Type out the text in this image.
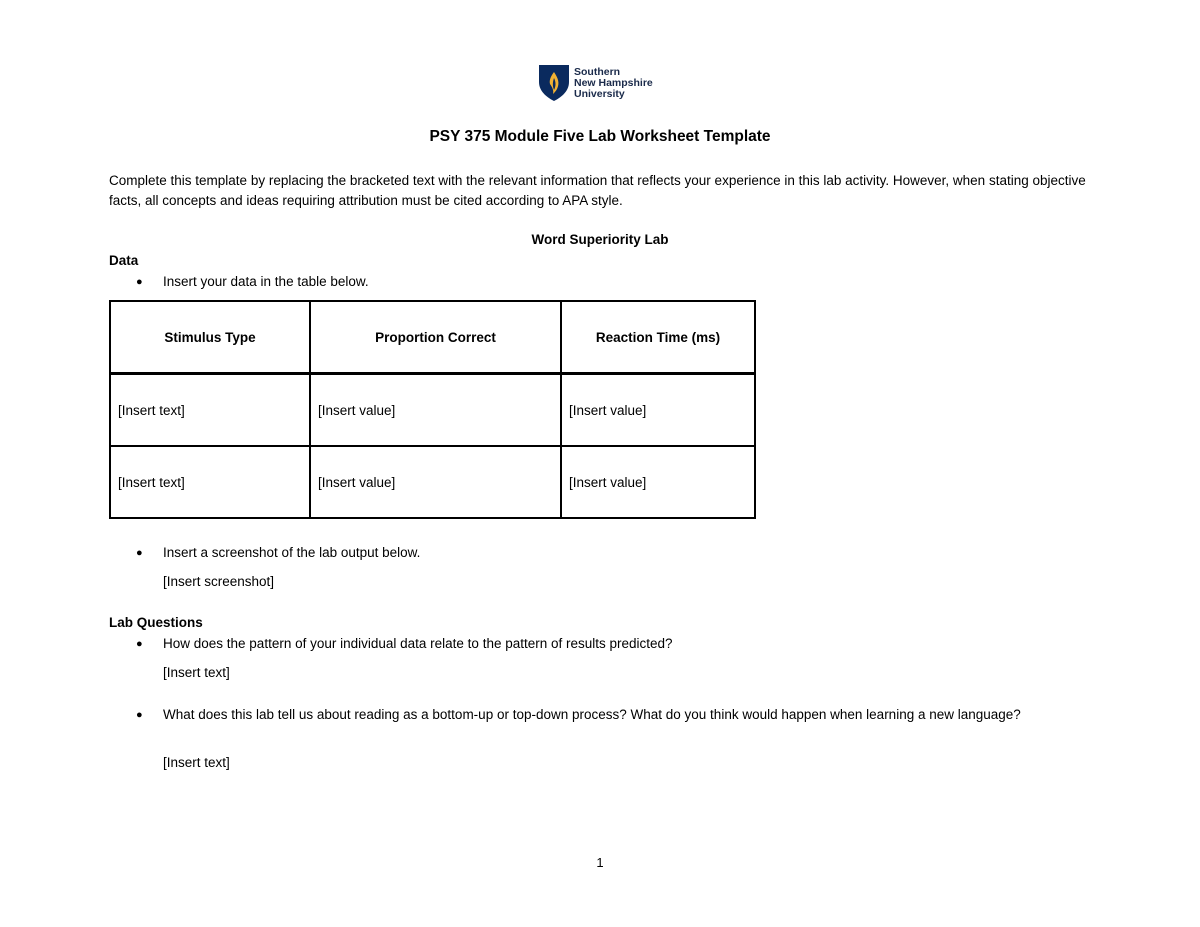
Southern
New Hampshire
University
PSY 375 Module Five Lab Worksheet Template
Complete this template by replacing the bracketed text with the relevant information that reflects your experience in this lab activity. However, when stating objective facts, all concepts and ideas requiring attribution must be cited according to APA style.
Word Superiority Lab
Data
●	Insert your data in the table below.
Stimulus Type	Proportion Correct	Reaction Time (ms)
[Insert text]	[Insert value]	[Insert value]
[Insert text]	[Insert value]	[Insert value]
●	Insert a screenshot of the lab output below.
[Insert screenshot]
Lab Questions
●	How does the pattern of your individual data relate to the pattern of results predicted?
[Insert text]
●	What does this lab tell us about reading as a bottom-up or top-down process? What do you think would happen when learning a new language?
[Insert text]
1
